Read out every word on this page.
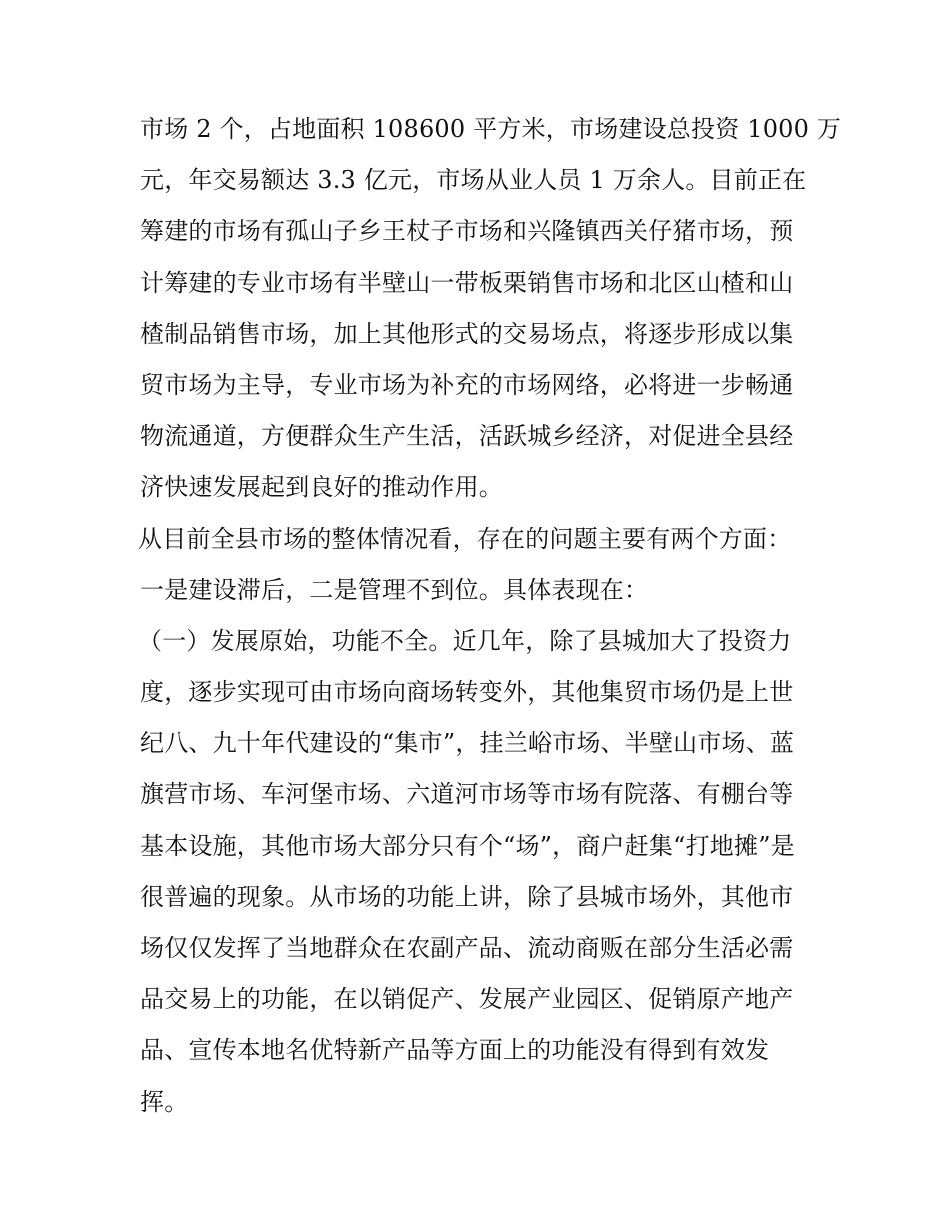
市场 2 个，占地面积 108600 平方米，市场建设总投资 1000 万
元，年交易额达 3.3 亿元，市场从业人员 1 万余人。目前正在
筹建的市场有孤山子乡王杖子市场和兴隆镇西关仔猪市场，预
计筹建的专业市场有半壁山一带板栗销售市场和北区山楂和山
楂制品销售市场，加上其他形式的交易场点，将逐步形成以集
贸市场为主导，专业市场为补充的市场网络，必将进一步畅通
物流通道，方便群众生产生活，活跃城乡经济，对促进全县经
济快速发展起到良好的推动作用。
从目前全县市场的整体情况看，存在的问题主要有两个方面：
一是建设滞后，二是管理不到位。具体表现在：
（一）发展原始，功能不全。近几年，除了县城加大了投资力
度，逐步实现可由市场向商场转变外，其他集贸市场仍是上世
纪八、九十年代建设的“集市”，挂兰峪市场、半壁山市场、蓝
旗营市场、车河堡市场、六道河市场等市场有院落、有棚台等
基本设施，其他市场大部分只有个“场”，商户赶集“打地摊”是
很普遍的现象。从市场的功能上讲，除了县城市场外，其他市
场仅仅发挥了当地群众在农副产品、流动商贩在部分生活必需
品交易上的功能，在以销促产、发展产业园区、促销原产地产
品、宣传本地名优特新产品等方面上的功能没有得到有效发
挥。
